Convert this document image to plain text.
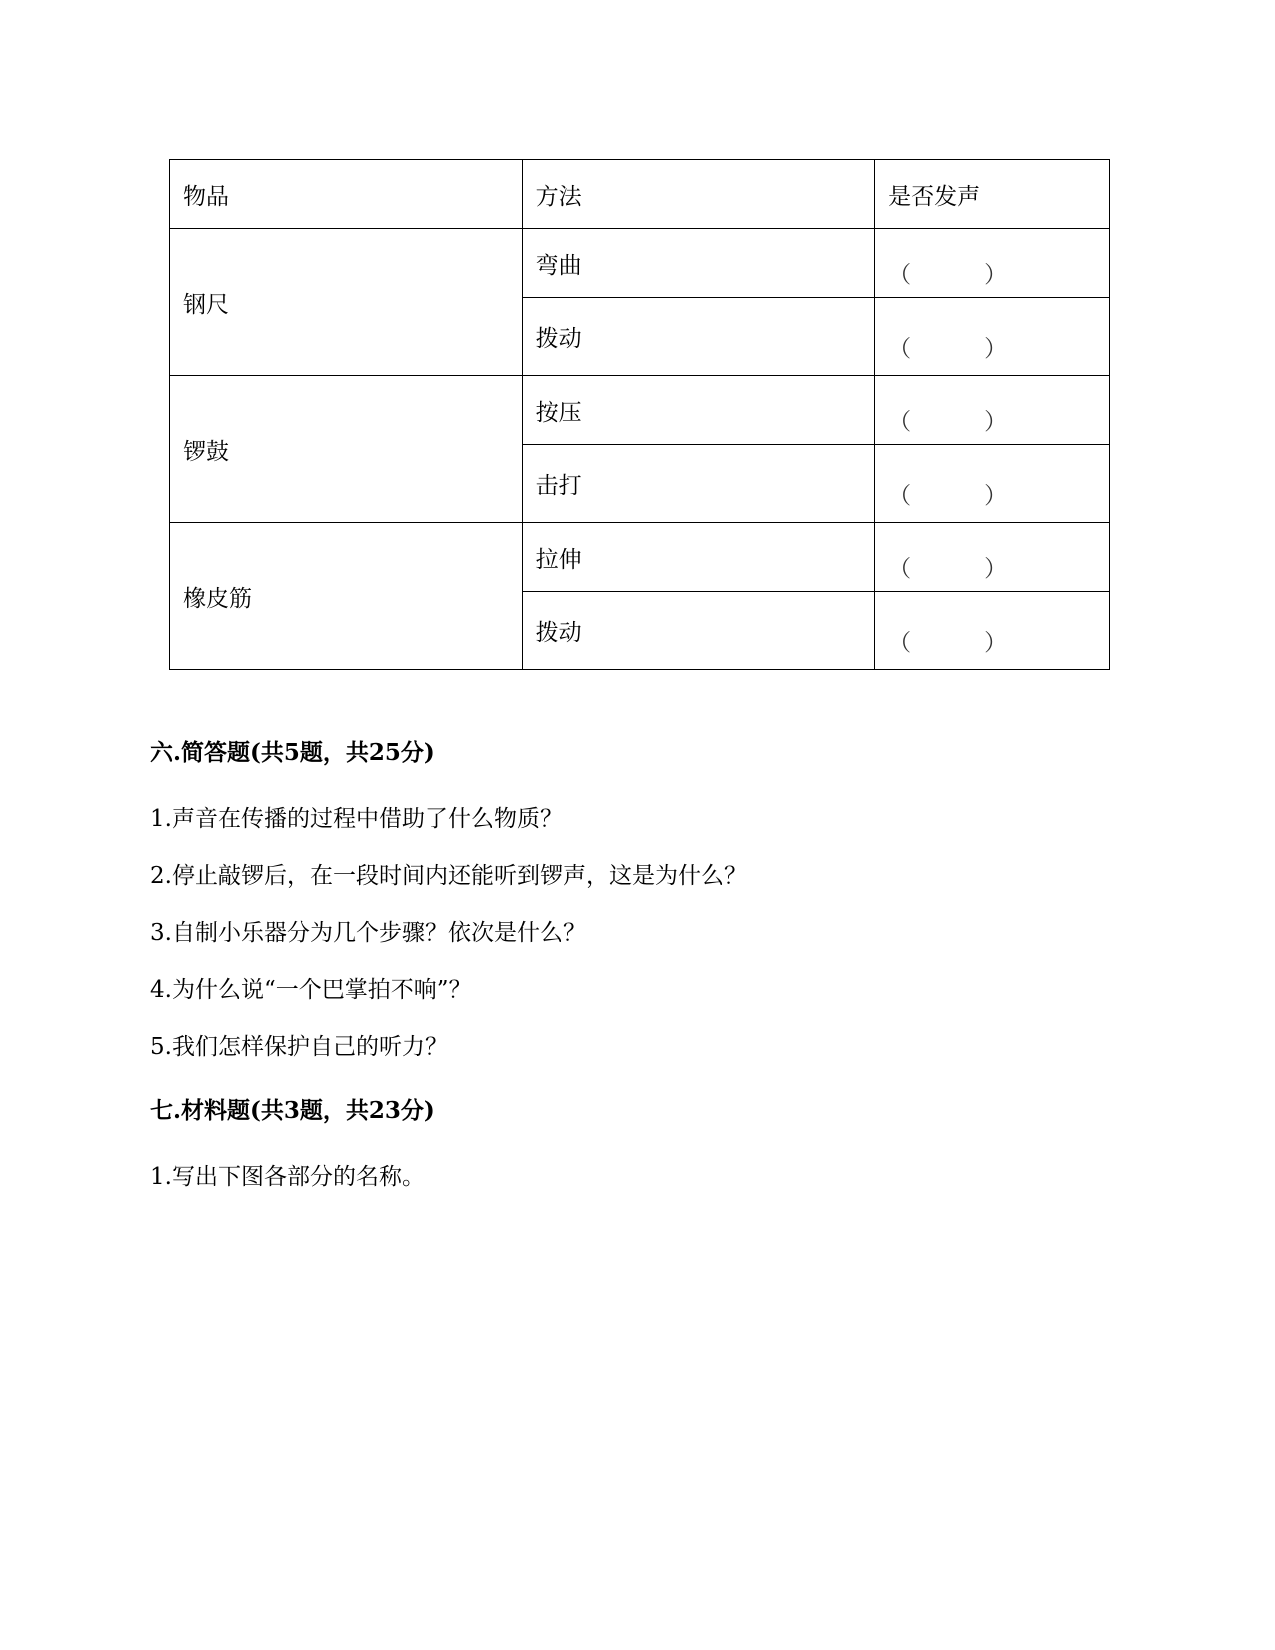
物品	方法	是否发声
钢尺	弯曲	（ ）

	拨动	（ ）

锣鼓	按压	（ ）

	击打	（ ）

橡皮筋	拉伸	（ ）

	拨动	（ ）
六.简答题(共5题，共25分)
1.声音在传播的过程中借助了什么物质？
2.停止敲锣后，在一段时间内还能听到锣声，这是为什么？
3.自制小乐器分为几个步骤？依次是什么？
4.为什么说“一个巴掌拍不响”？
5.我们怎样保护自己的听力？
七.材料题(共3题，共23分)
1.写出下图各部分的名称。
